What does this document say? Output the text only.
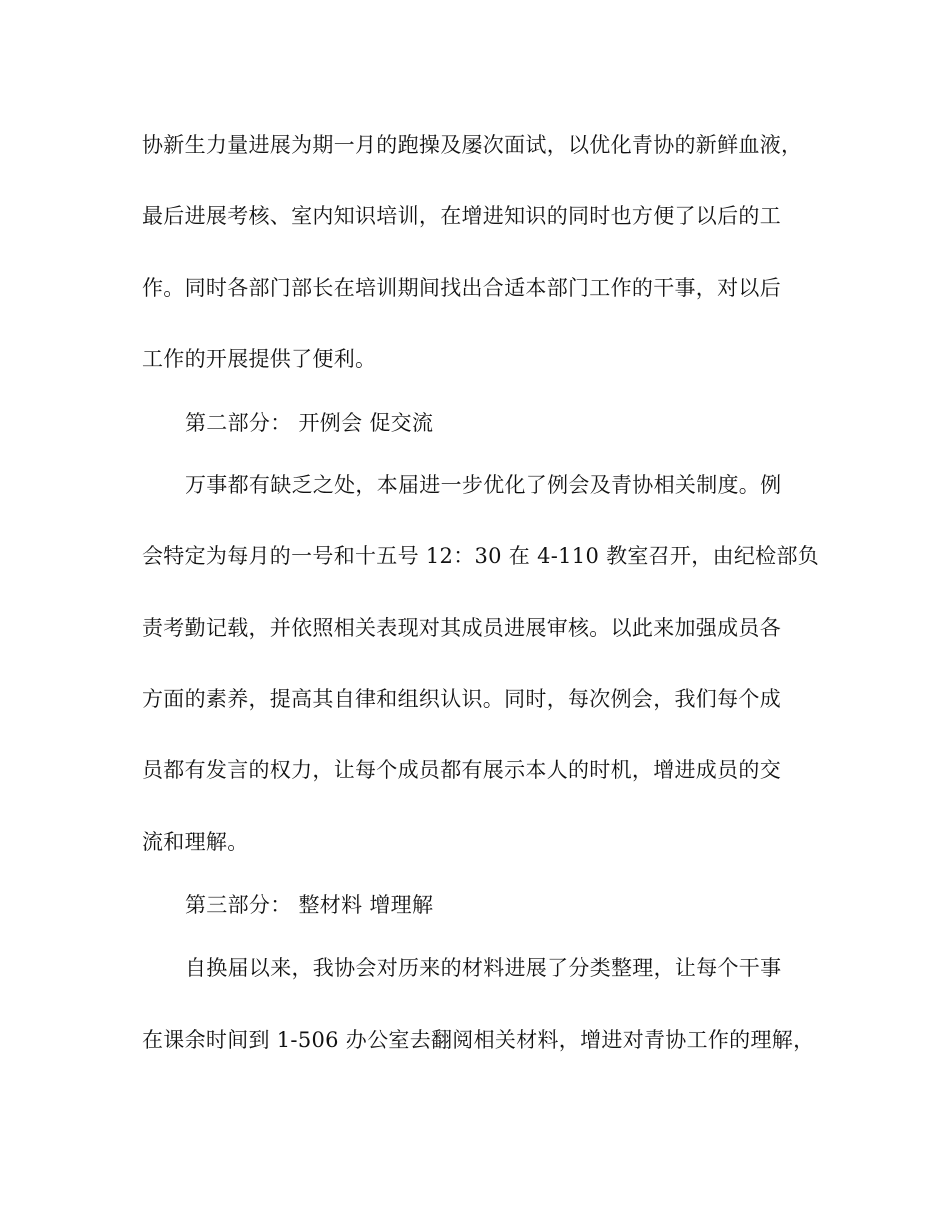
协新生力量进展为期一月的跑操及屡次面试，以优化青协的新鲜血液，
最后进展考核、室内知识培训，在增进知识的同时也方便了以后的工
作。同时各部门部长在培训期间找出合适本部门工作的干事，对以后
工作的开展提供了便利。
第二部分： 开例会 促交流
万事都有缺乏之处，本届进一步优化了例会及青协相关制度。例
会特定为每月的一号和十五号 12：30 在 4-110 教室召开，由纪检部负
责考勤记载，并依照相关表现对其成员进展审核。以此来加强成员各
方面的素养，提高其自律和组织认识。同时，每次例会，我们每个成
员都有发言的权力，让每个成员都有展示本人的时机，增进成员的交
流和理解。
第三部分： 整材料 增理解
自换届以来，我协会对历来的材料进展了分类整理，让每个干事
在课余时间到 1-506 办公室去翻阅相关材料，增进对青协工作的理解，
